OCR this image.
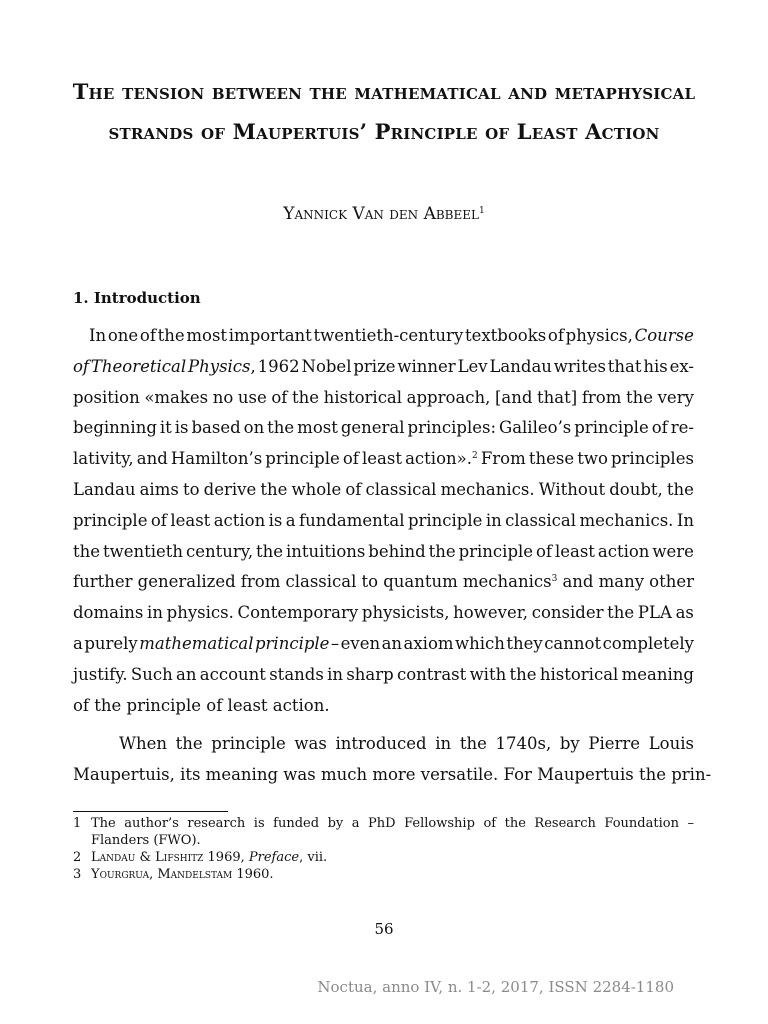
The tension between the mathematical and metaphysical
strands of Maupertuis’ Principle of Least Action
Yannick Van den Abbeel$^1$
1. Introduction
In one of the most important twentieth-century textbooks of physics, Course
of Theoretical Physics, 1962 Nobel prize winner Lev Landau writes that his ex-
position «makes no use of the historical approach, [and that] from the very
beginning it is based on the most general principles: Galileo’s principle of re-
lativity, and Hamilton’s principle of least action».$^2$ From these two principles
Landau aims to derive the whole of classical mechanics. Without doubt, the
principle of least action is a fundamental principle in classical mechanics. In
the twentieth century, the intuitions behind the principle of least action were
further generalized from classical to quantum mechanics$^3$ and many other
domains in physics. Contemporary physicists, however, consider the PLA as
a purely mathematical principle – even an axiom which they cannot completely
justify. Such an account stands in sharp contrast with the historical meaning
of the principle of least action.
When the principle was introduced in the 1740s, by Pierre Louis
Maupertuis, its meaning was much more versatile. For Maupertuis the prin-
1 The author’s research is funded by a PhD Fellowship of the Research Foundation – Flanders (FWO).
2 Landau & Lifshitz 1969, Preface, vii.
3 Yourgrua, Mandelstam 1960.
56
Noctua, anno IV, n. 1-2, 2017, ISSN 2284-1180
